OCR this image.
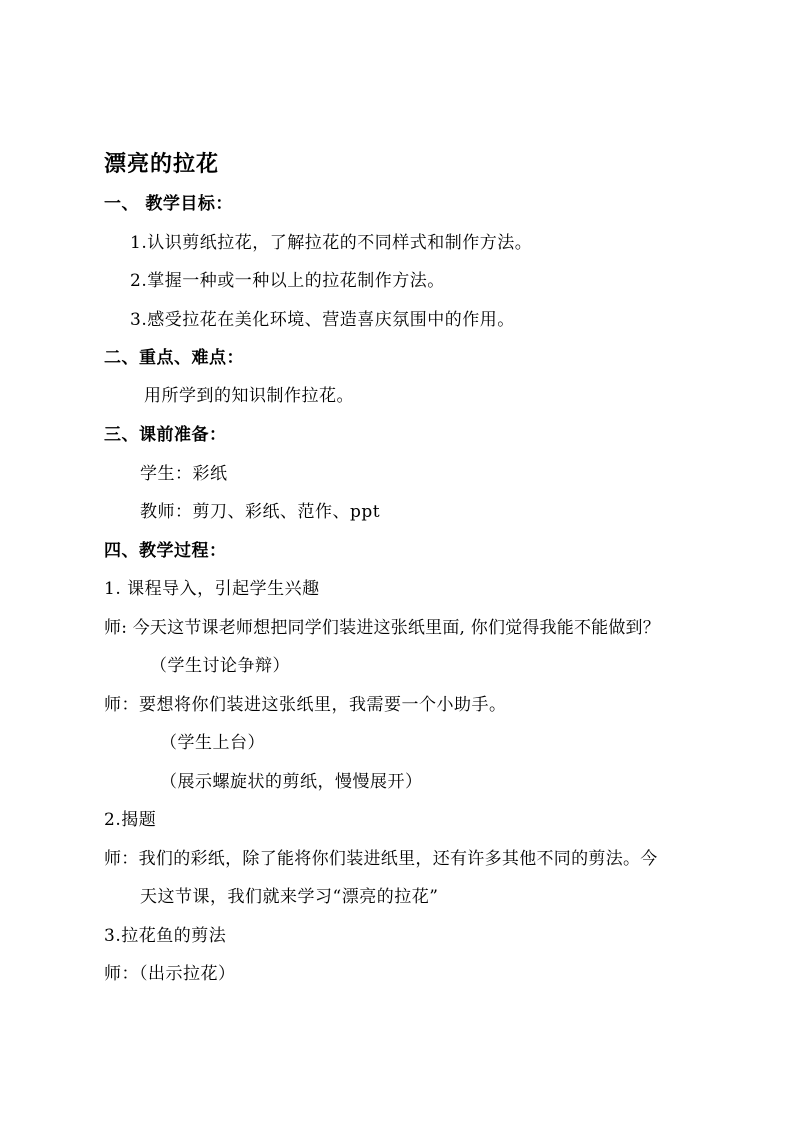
漂亮的拉花
一、 教学目标：
1.认识剪纸拉花，了解拉花的不同样式和制作方法。
2.掌握一种或一种以上的拉花制作方法。
3.感受拉花在美化环境、营造喜庆氛围中的作用。
二、重点、难点：
用所学到的知识制作拉花。
三、课前准备：
学生：彩纸
教师：剪刀、彩纸、范作、ppt
四、教学过程：
1. 课程导入，引起学生兴趣
师: 今天这节课老师想把同学们装进这张纸里面, 你们觉得我能不能做到？
（学生讨论争辩）
师：要想将你们装进这张纸里，我需要一个小助手。
（学生上台）
（展示螺旋状的剪纸，慢慢展开）
2.揭题
师：我们的彩纸，除了能将你们装进纸里，还有许多其他不同的剪法。今
天这节课，我们就来学习“漂亮的拉花”
3.拉花鱼的剪法
师：（出示拉花）
